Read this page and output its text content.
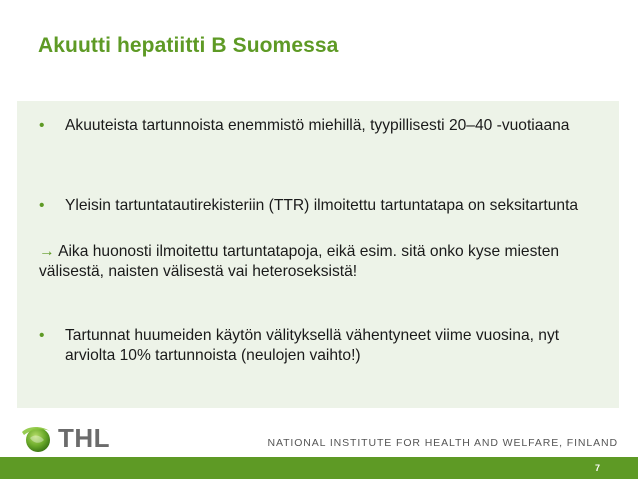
Akuutti hepatiitti B Suomessa
•	Akuuteista tartunnoista enemmistö miehillä, tyypillisesti 20–40 -vuotiaana
•	Yleisin tartuntatautirekisteriin (TTR) ilmoitettu tartuntatapa on seksitartunta
→ Aika huonosti ilmoitettu tartuntatapoja, eikä esim. sitä onko kyse miesten välisestä, naisten välisestä vai heteroseksistä!
•	Tartunnat huumeiden käytön välityksellä vähentyneet viime vuosina, nyt arviolta 10% tartunnoista (neulojen vaihto!)
THL	NATIONAL INSTITUTE FOR HEALTH AND WELFARE, FINLAND
7
